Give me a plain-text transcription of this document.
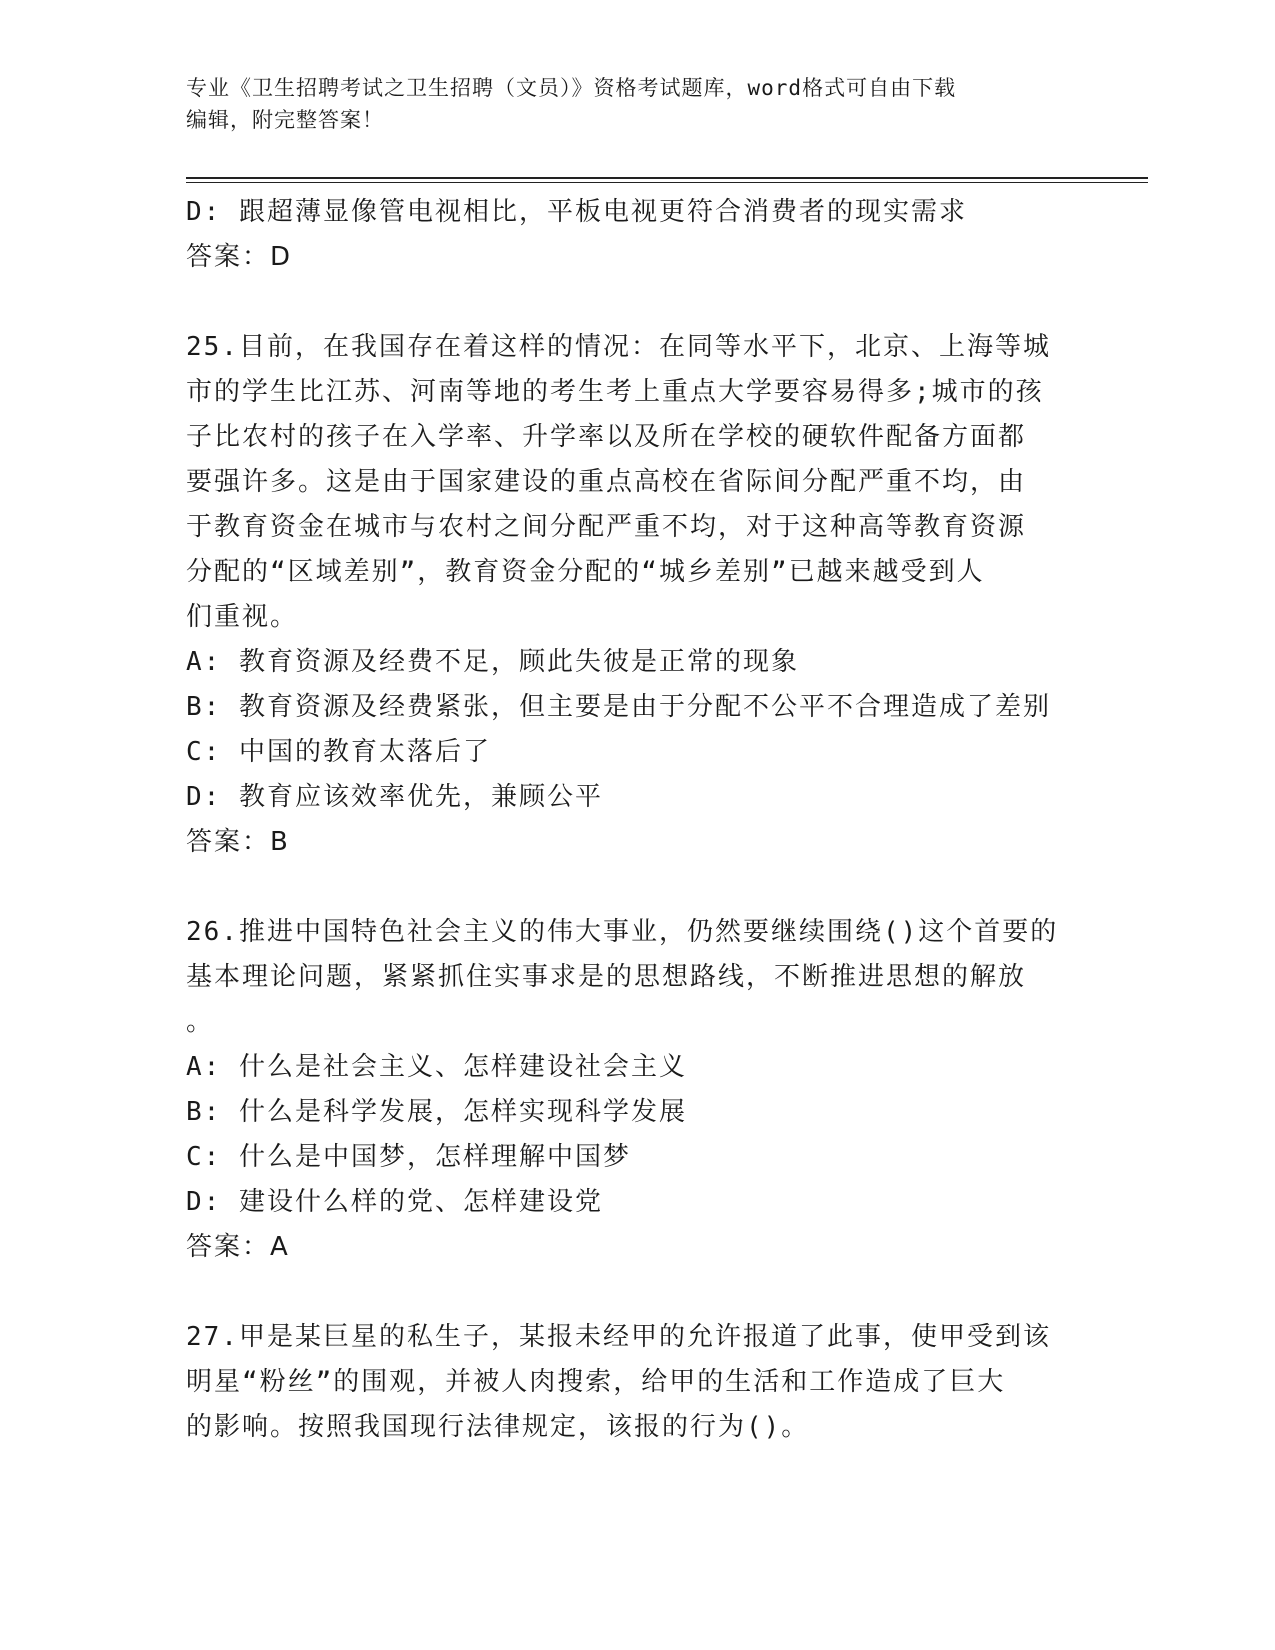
专业《卫生招聘考试之卫生招聘（文员）》资格考试题库，word格式可自由下载
编辑，附完整答案！
D: 跟超薄显像管电视相比，平板电视更符合消费者的现实需求
答案：D
25.目前，在我国存在着这样的情况：在同等水平下，北京、上海等城
市的学生比江苏、河南等地的考生考上重点大学要容易得多;城市的孩
子比农村的孩子在入学率、升学率以及所在学校的硬软件配备方面都
要强许多。这是由于国家建设的重点高校在省际间分配严重不均，由
于教育资金在城市与农村之间分配严重不均，对于这种高等教育资源
分配的“区域差别”，教育资金分配的“城乡差别”已越来越受到人
们重视。
A: 教育资源及经费不足，顾此失彼是正常的现象
B: 教育资源及经费紧张，但主要是由于分配不公平不合理造成了差别
C: 中国的教育太落后了
D: 教育应该效率优先，兼顾公平
答案：B
26.推进中国特色社会主义的伟大事业，仍然要继续围绕()这个首要的
基本理论问题，紧紧抓住实事求是的思想路线，不断推进思想的解放
。
A: 什么是社会主义、怎样建设社会主义
B: 什么是科学发展，怎样实现科学发展
C: 什么是中国梦，怎样理解中国梦
D: 建设什么样的党、怎样建设党
答案：A
27.甲是某巨星的私生子，某报未经甲的允许报道了此事，使甲受到该
明星“粉丝”的围观，并被人肉搜索，给甲的生活和工作造成了巨大
的影响。按照我国现行法律规定，该报的行为()。
